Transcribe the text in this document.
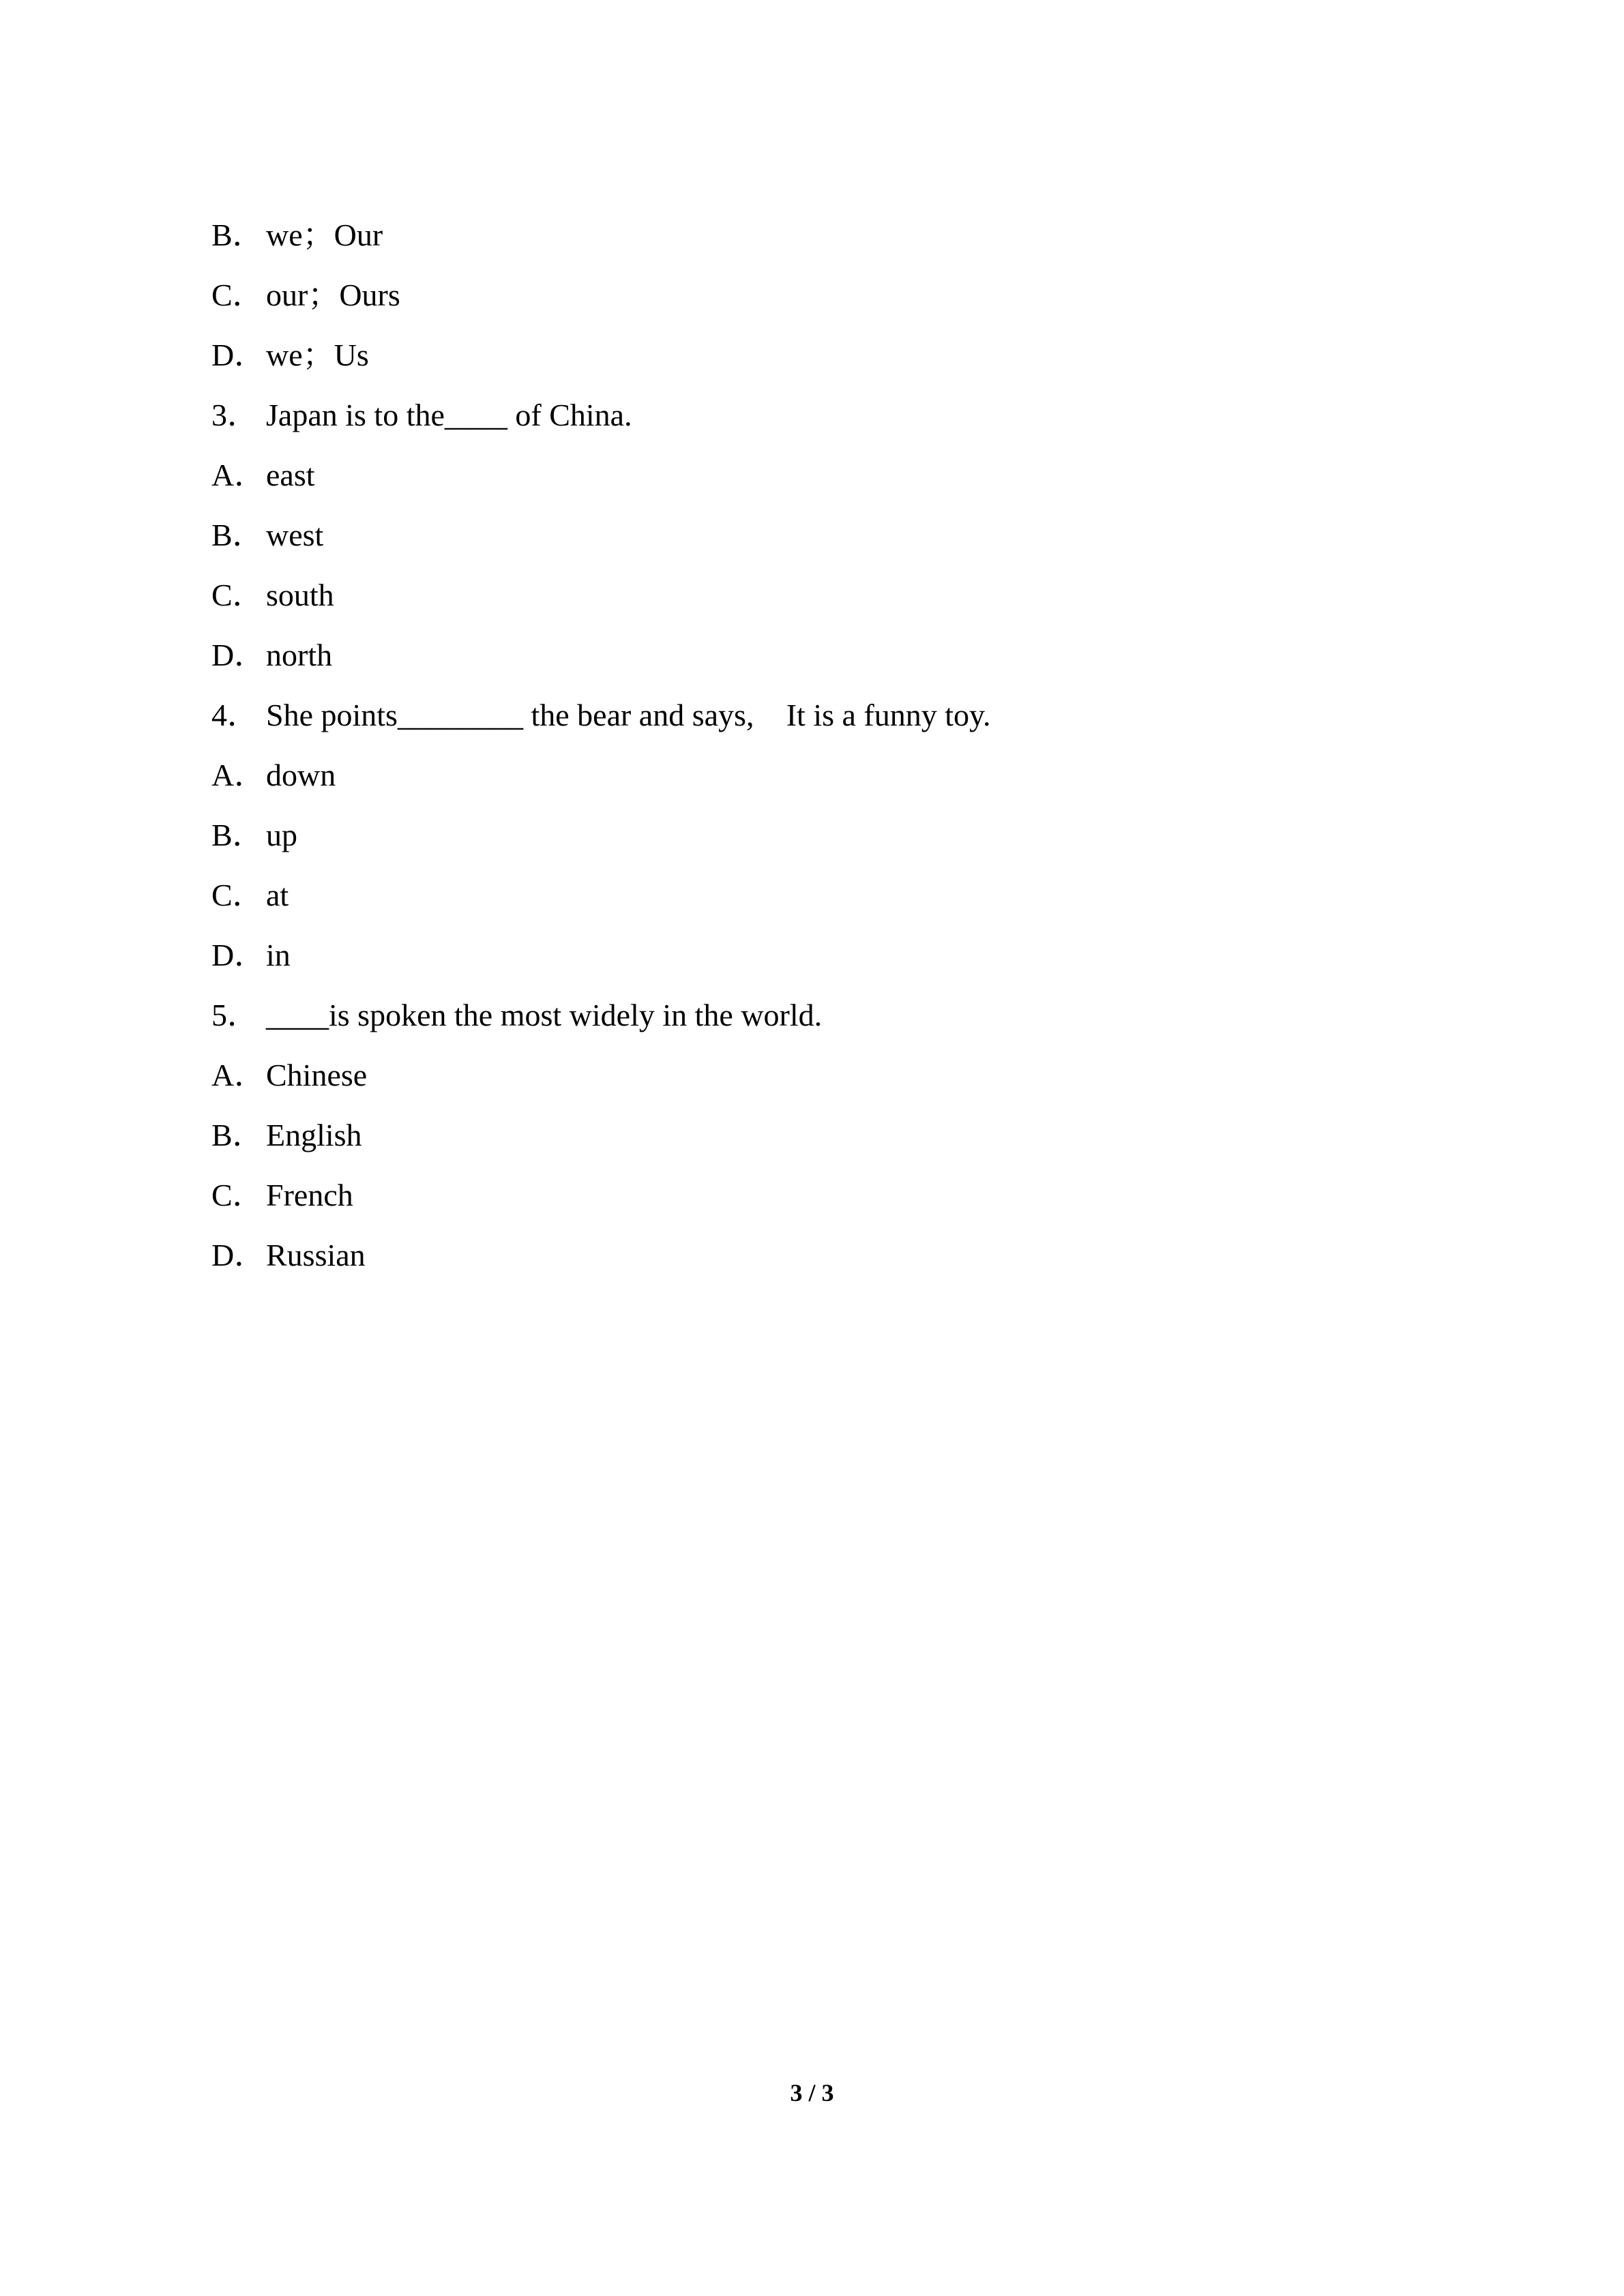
B．we；Our
C．our；Ours
D．we；Us
3． Japan is to the____ of China.
A．east
B．west
C．south
D．north
4． She points________ the bear and says,  It is a funny toy. 
A．down
B．up
C．at
D．in
5． ____is spoken the most widely in the world.
A．Chinese
B．English
C．French
D．Russian
3 / 3
